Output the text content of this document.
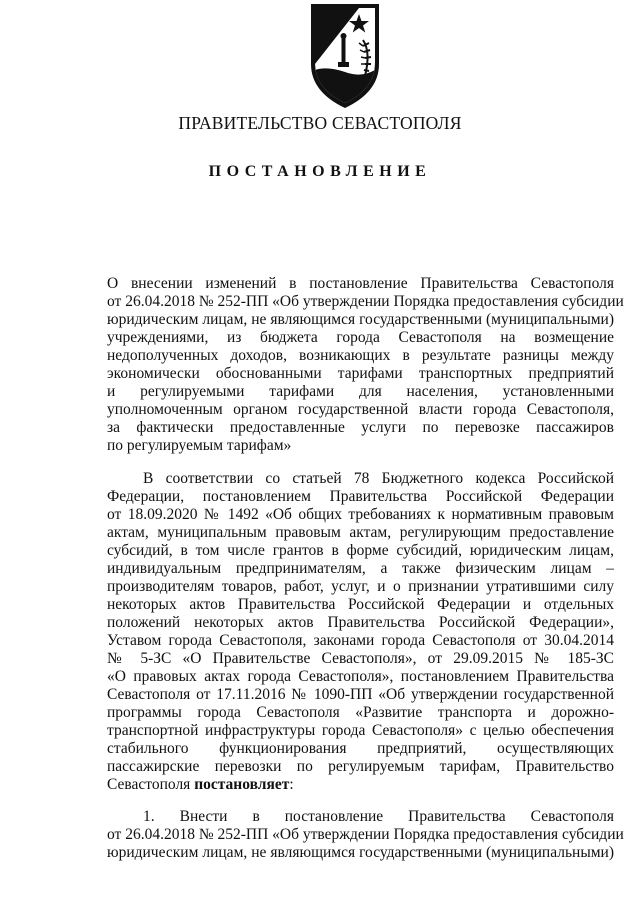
ПРАВИТЕЛЬСТВО СЕВАСТОПОЛЯ
ПОСТАНОВЛЕНИЕ
О внесении изменений в постановление Правительства Севастополя
от 26.04.2018 № 252-ПП «Об утверждении Порядка предоставления субсидии
юридическим лицам, не являющимся государственными (муниципальными)
учреждениями, из бюджета города Севастополя на возмещение
недополученных доходов, возникающих в результате разницы между
экономически обоснованными тарифами транспортных предприятий
и регулируемыми тарифами для населения, установленными
уполномоченным органом государственной власти города Севастополя,
за фактически предоставленные услуги по перевозке пассажиров
по регулируемым тарифам»
В соответствии со статьей 78 Бюджетного кодекса Российской
Федерации, постановлением Правительства Российской Федерации
от 18.09.2020 № 1492 «Об общих требованиях к нормативным правовым
актам, муниципальным правовым актам, регулирующим предоставление
субсидий, в том числе грантов в форме субсидий, юридическим лицам,
индивидуальным предпринимателям, а также физическим лицам –
производителям товаров, работ, услуг, и о признании утратившими силу
некоторых актов Правительства Российской Федерации и отдельных
положений некоторых актов Правительства Российской Федерации»,
Уставом города Севастополя, законами города Севастополя от 30.04.2014
№ 5-ЗС «О Правительстве Севастополя», от 29.09.2015 № 185-ЗС
«О правовых актах города Севастополя», постановлением Правительства
Севастополя от 17.11.2016 № 1090-ПП «Об утверждении государственной
программы города Севастополя «Развитие транспорта и дорожно-
транспортной инфраструктуры города Севастополя» с целью обеспечения
стабильного функционирования предприятий, осуществляющих
пассажирские перевозки по регулируемым тарифам, Правительство
Севастополя постановляет:
1. Внести в постановление Правительства Севастополя
от 26.04.2018 № 252-ПП «Об утверждении Порядка предоставления субсидии
юридическим лицам, не являющимся государственными (муниципальными)
